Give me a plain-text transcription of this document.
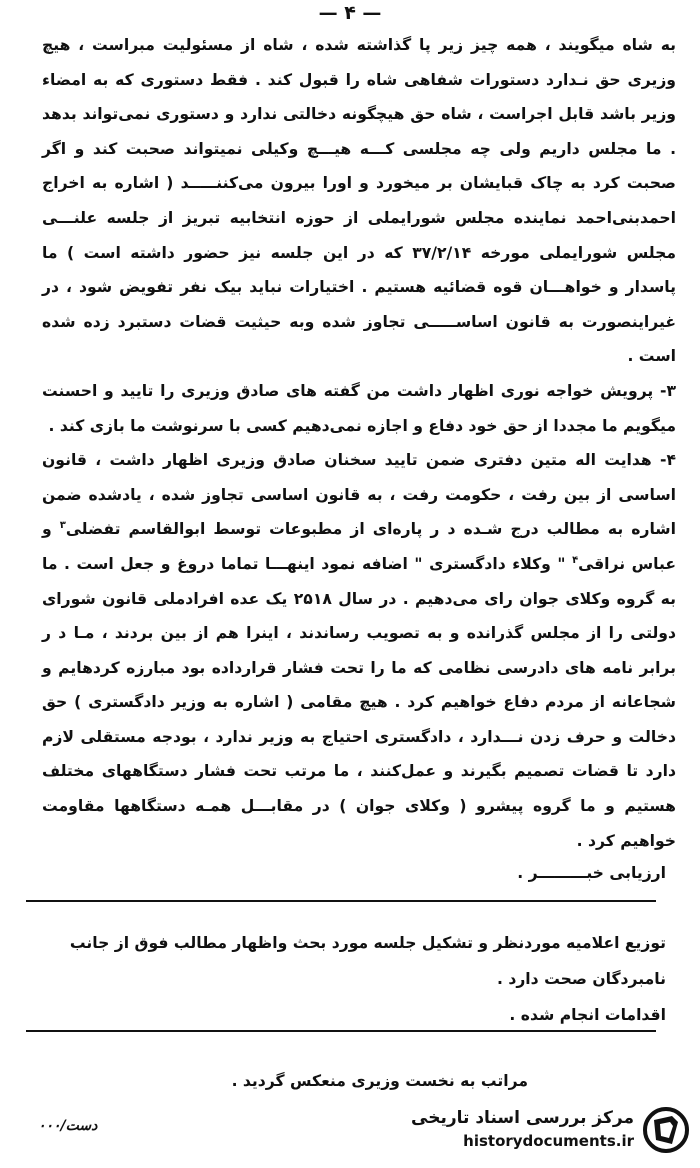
— ۴ —

به شاه میگویند ، همه چیز زیر پا گذاشته شده ، شاه از مسئولیت مبراست ، هیچ وزیری حق نـدارد دستورات شفاهی شاه را قبول کند . فقط دستوری که به امضاء وزیر باشد قابل اجراست ، شاه حق هیچگونه دخالتی ندارد و دستوری نمی‌تواند بدهد . ما مجلس داریم ولی چه مجلسی کـــه هیـــچ وکیلی نمیتواند صحبت کند و اگر صحبت کرد به چاک قبایشان بر میخورد و اورا بیرون می‌کننـــــد ( اشاره به اخراج احمدبنی‌احمد نماینده مجلس شورایملی از حوزه انتخابیه تبریز از جلسه علنـــی مجلس شورایملی مورخه ۳۷/۲/۱۴ که در این جلسه نیز حضور داشته است ) ما پاسدار و خواهـــان قوه قضائیه هستیم . اختیارات نباید بیک نفر تفویض شود ، در غیراینصورت به قانون اساســـــی تجاوز شده وبه حیثیت قضات دستبرد زده شده است .

۳- پرویش خواجه نوری اظهار داشت من گفته های صادق وزیری را تایید و احسنت میگویم ما مجددا از حق خود دفاع و اجازه نمی‌دهیم کسی با سرنوشت ما بازی کند .

۴- هدایت اله متین دفتری ضمن تایید سخنان صادق وزیری اظهار داشت ، قانون اساسی از بین رفت ، حکومت رفت ، به قانون اساسی تجاوز شده ، یادشده ضمن اشاره به مطالب درج شـده د ر پاره‌ای از مطبوعات توسط ابوالقاسم تفضلی$^۳$ و عباس نراقی$^۴$ " وکلاء دادگستری " اضافه نمود اینهـــا تماما دروغ و جعل است . ما به گروه وکلای جوان رای می‌دهیم . در سال ۲۵۱۸ یک عده افرادملی قانون شورای دولتی را از مجلس گذرانده و به تصویب رساندند ، اینرا هم از بین بردند ، مـا د ر برابر نامه های دادرسی نظامی که ما را تحت فشار قرارداده بود مبارزه کردهایم و شجاعانه از مردم دفاع خواهیم کرد . هیچ مقامی ( اشاره به وزیر دادگستری ) حق دخالت و حرف زدن نـــدارد ، دادگستری احتیاج به وزیر ندارد ، بودجه مستقلی لازم دارد تا قضات تصمیم بگیرند و عمل‌کنند ، ما مرتب تحت فشار دستگاههای مختلف هستیم و ما گروه پیشرو ( وکلای جوان ) در مقابـــل همـه دستگاهها مقاومت خواهیم کرد .

ارزیابی خبـــــــــر .
توزیع اعلامیه موردنظر و تشکیل جلسه مورد بحث واظهار مطالب فوق از جانب نامبردگان صحت دارد .
اقدامات انجام شده .
مراتب به نخست وزیری منعکس گردید .
دست/۰۰۰	مرکز بررسی اسناد تاریخی
historydocuments.ir
